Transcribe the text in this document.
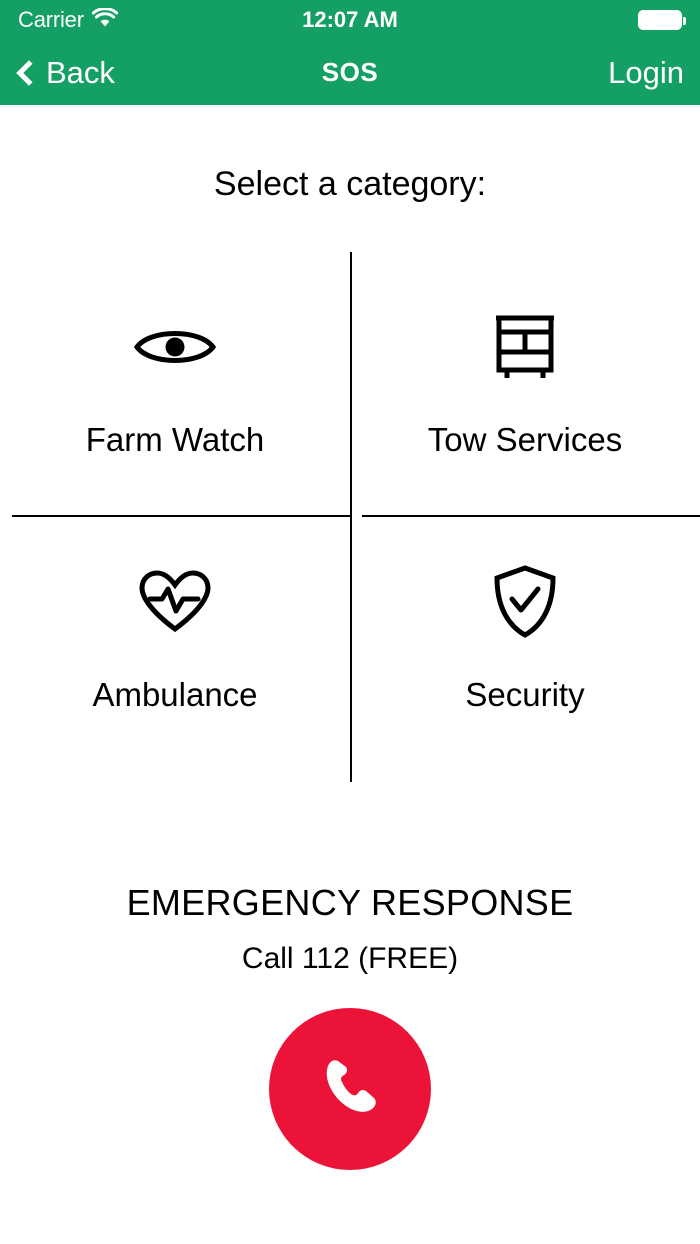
Carrier	12:07 AM
Back	SOS	Login
Select a category:
Farm Watch	Tow Services
Ambulance	Security
EMERGENCY RESPONSE
Call 112 (FREE)
